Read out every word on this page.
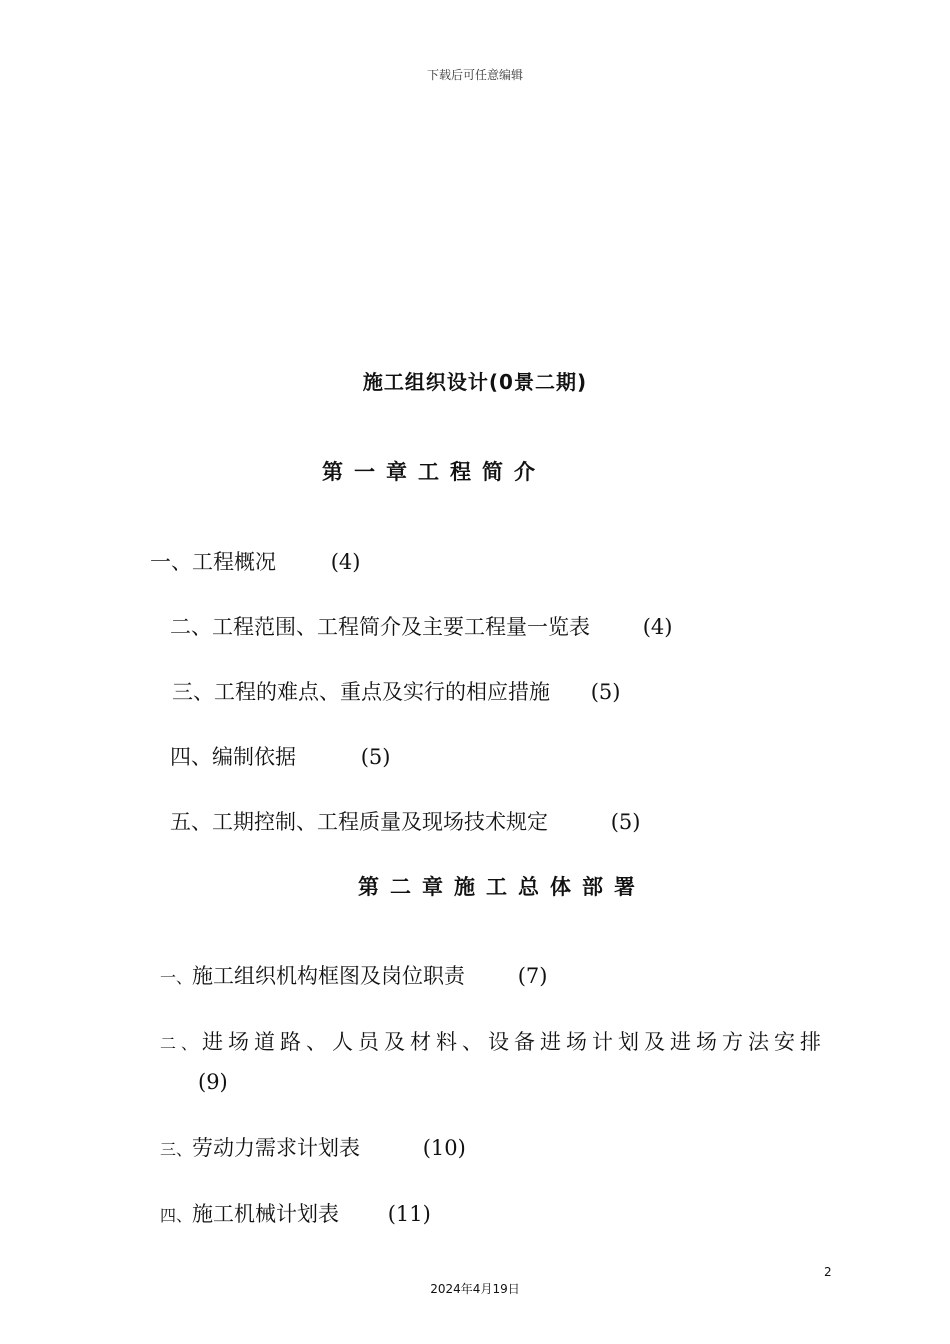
下载后可任意编辑
施工组织设计(0景二期)
第一章工程简介
一、工程概况	(4)
二、工程范围、工程简介及主要工程量一览表	(4)
三、工程的难点、重点及实行的相应措施 (5)
四、编制依据	(5)
五、工期控制、工程质量及现场技术规定	(5)
第二章施工总体部署
一、施工组织机构框图及岗位职责	(7)
二、进场道路、人员及材料、设备进场计划及进场方法安排
(9)
三、劳动力需求计划表	(10)
四、施工机械计划表 (11)
2
2024年4月19日
